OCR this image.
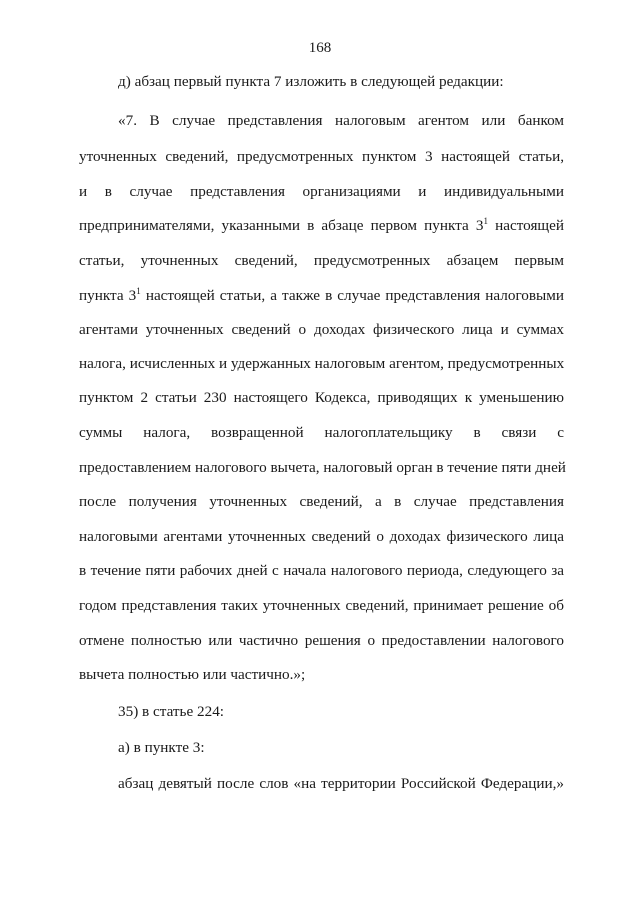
168
д) абзац первый пункта 7 изложить в следующей редакции:
«7. В случае представления налоговым агентом или банком
уточненных сведений, предусмотренных пунктом 3 настоящей статьи,
и в случае представления организациями и индивидуальными
предпринимателями, указанными в абзаце первом пункта $3^1$ настоящей
статьи, уточненных сведений, предусмотренных абзацем первым
пункта $3^1$ настоящей статьи, а также в случае представления налоговыми
агентами уточненных сведений о доходах физического лица и суммах
налога, исчисленных и удержанных налоговым агентом, предусмотренных
пунктом 2 статьи 230 настоящего Кодекса, приводящих к уменьшению
суммы налога, возвращенной налогоплательщику в связи с
предоставлением налогового вычета, налоговый орган в течение пяти дней
после получения уточненных сведений, а в случае представления
налоговыми агентами уточненных сведений о доходах физического лица
в течение пяти рабочих дней с начала налогового периода, следующего за
годом представления таких уточненных сведений, принимает решение об
отмене полностью или частично решения о предоставлении налогового
вычета полностью или частично.»;
35) в статье 224:
а) в пункте 3:
абзац девятый после слов «на территории Российской Федерации,»
